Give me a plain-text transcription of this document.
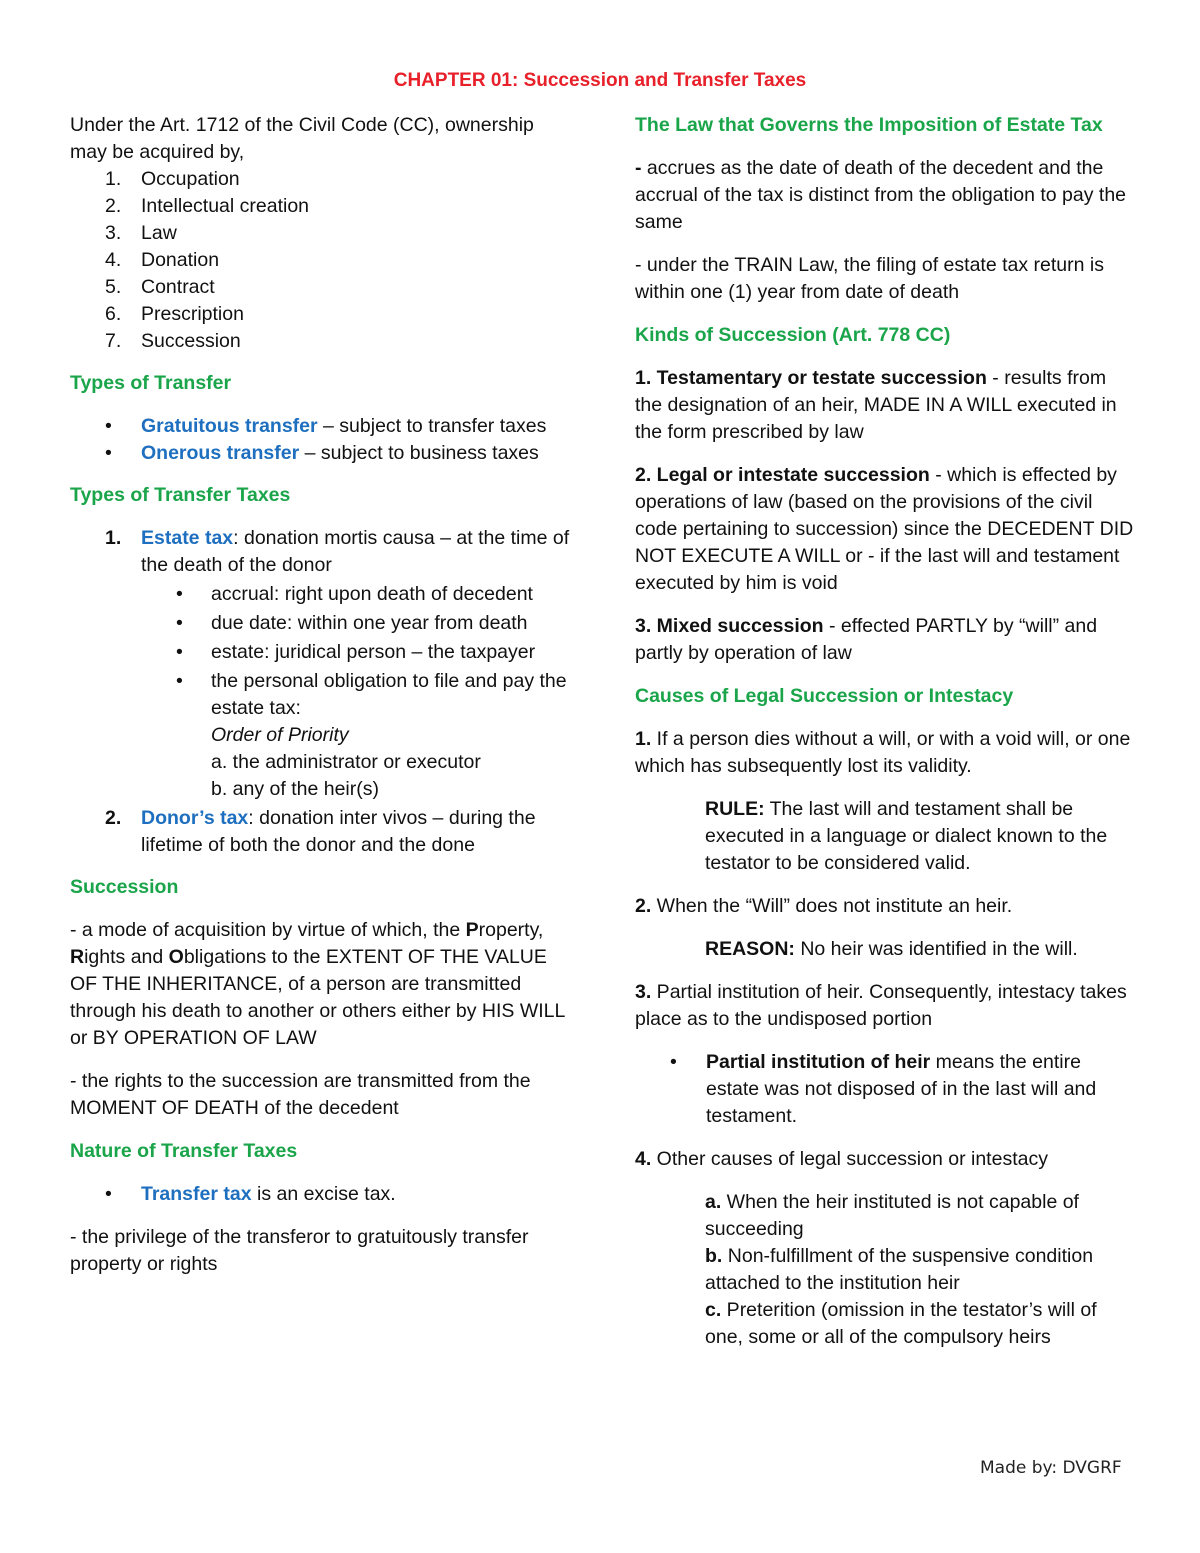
CHAPTER 01: Succession and Transfer Taxes

Under the Art. 1712 of the Civil Code (CC), ownership may be acquired by,

1. Occupation
2. Intellectual creation
3. Law
4. Donation
5. Contract
6. Prescription
7. Succession
Types of Transfer
• Gratuitous transfer – subject to transfer taxes
• Onerous transfer – subject to business taxes
Types of Transfer Taxes
1. Estate tax: donation mortis causa – at the time of the death of the donor
• accrual: right upon death of decedent
• due date: within one year from death
• estate: juridical person – the taxpayer
• the personal obligation to file and pay the estate tax:
Order of Priority
a. the administrator or executor
b. any of the heir(s)
2. Donor’s tax: donation inter vivos – during the lifetime of both the donor and the done
Succession

- a mode of acquisition by virtue of which, the Property, Rights and Obligations to the EXTENT OF THE VALUE OF THE INHERITANCE, of a person are transmitted through his death to another or others either by HIS WILL or BY OPERATION OF LAW

- the rights to the succession are transmitted from the MOMENT OF DEATH of the decedent

Nature of Transfer Taxes
• Transfer tax is an excise tax.

- the privilege of the transferor to gratuitously transfer property or rights

The Law that Governs the Imposition of Estate Tax

- accrues as the date of death of the decedent and the accrual of the tax is distinct from the obligation to pay the same

- under the TRAIN Law, the filing of estate tax return is within one (1) year from date of death

Kinds of Succession (Art. 778 CC)

1. Testamentary or testate succession - results from the designation of an heir, MADE IN A WILL executed in the form prescribed by law

2. Legal or intestate succession - which is effected by operations of law (based on the provisions of the civil code pertaining to succession) since the DECEDENT DID NOT EXECUTE A WILL or - if the last will and testament executed by him is void

3. Mixed succession - effected PARTLY by “will” and partly by operation of law

Causes of Legal Succession or Intestacy

1. If a person dies without a will, or with a void will, or one which has subsequently lost its validity.

RULE: The last will and testament shall be executed in a language or dialect known to the testator to be considered valid.

2. When the “Will” does not institute an heir.

REASON: No heir was identified in the will.

3. Partial institution of heir. Consequently, intestacy takes place as to the undisposed portion

• Partial institution of heir means the entire estate was not disposed of in the last will and testament.

4. Other causes of legal succession or intestacy

a. When the heir instituted is not capable of succeeding
b. Non-fulfillment of the suspensive condition attached to the institution heir
c. Preterition (omission in the testator’s will of one, some or all of the compulsory heirs
Made by: DVGRF
